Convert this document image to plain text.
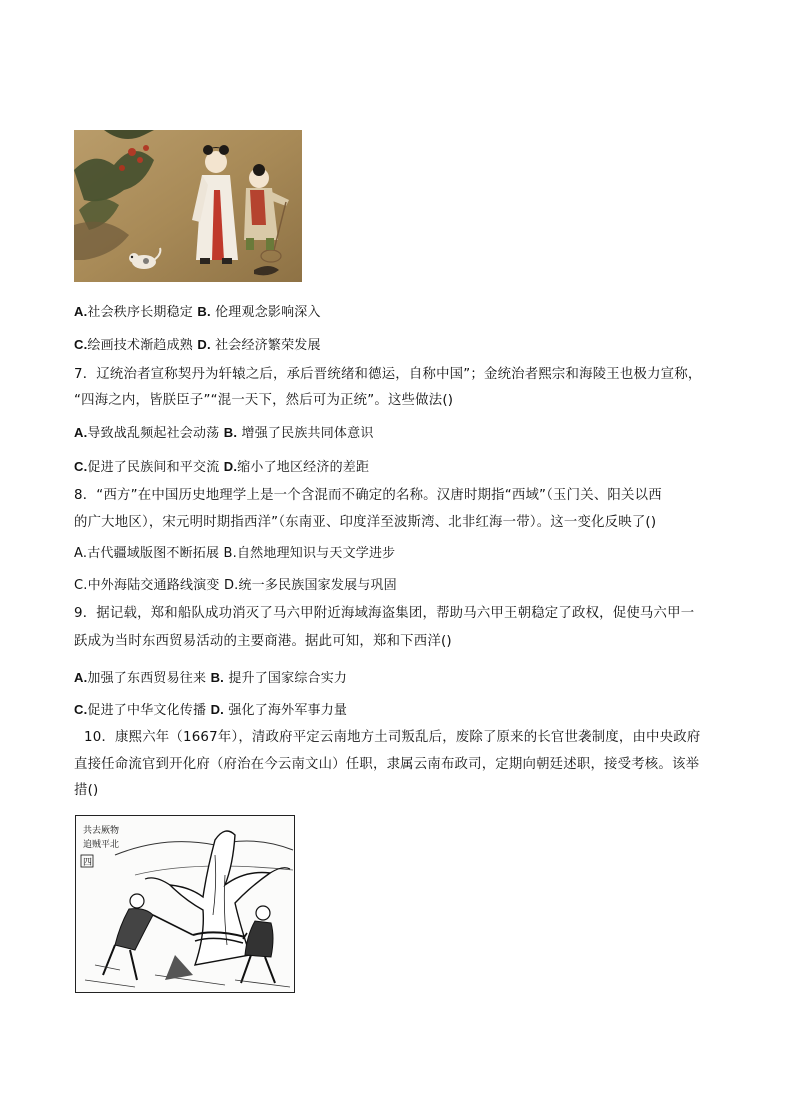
A.社会秩序长期稳定 B. 伦理观念影响深入
C.绘画技术渐趋成熟 D. 社会经济繁荣发展
7．辽统治者宣称契丹为轩辕之后，承后晋统绪和德运，自称中国”；金统治者熙宗和海陵王也极力宣称，
“四海之内，皆朕臣子”“混一天下，然后可为正统”。这些做法()
A.导致战乱频起社会动荡 B. 增强了民族共同体意识
C.促进了民族间和平交流 D.缩小了地区经济的差距
8．“西方”在中国历史地理学上是一个含混而不确定的名称。汉唐时期指“西域”（玉门关、阳关以西
的广大地区），宋元明时期指西洋”（东南亚、印度洋至波斯湾、北非红海一带）。这一变化反映了()
A.古代疆域版图不断拓展 B.自然地理知识与天文学进步
C.中外海陆交通路线演变 D.统一多民族国家发展与巩固
9．据记载，郑和船队成功消灭了马六甲附近海域海盗集团，帮助马六甲王朝稳定了政权，促使马六甲一
跃成为当时东西贸易活动的主要商港。据此可知，郑和下西洋()
A.加强了东西贸易往来 B. 提升了国家综合实力
C.促进了中华文化传播 D. 强化了海外军事力量
10．康熙六年（1667年），清政府平定云南地方土司叛乱后，废除了原来的长官世袭制度，由中央政府
直接任命流官到开化府（府治在今云南文山）任职，隶属云南布政司，定期向朝廷述职，接受考核。该举
措()
共去厥物
追贼平北
四
